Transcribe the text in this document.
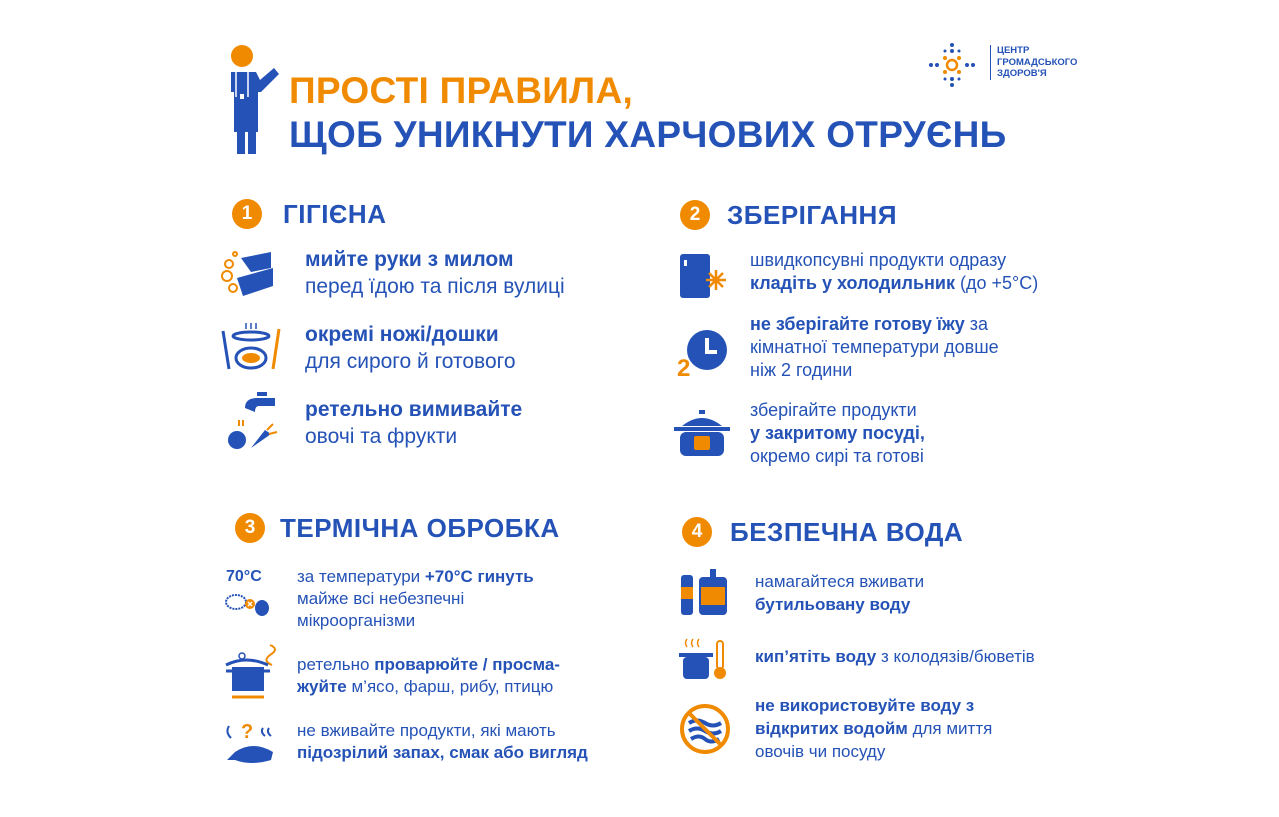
ПРОСТІ ПРАВИЛА,
ЩОБ УНИКНУТИ ХАРЧОВИХ ОТРУЄНЬ
ЦЕНТР
ГРОМАДСЬКОГО
ЗДОРОВ'Я
1	ГІГІЄНА
мийте руки з милом
перед їдою та після вулиці
окремі ножі/дошки
для сирого й готового
ретельно вимивайте
овочі та фрукти
2	ЗБЕРІГАННЯ
швидкопсувні продукти одразу
кладіть у холодильник (до +5°С)
не зберігайте готову їжу за
кімнатної температури довше
ніж 2 години
зберігайте продукти
у закритому посуді,
окремо сирі та готові
2
3 ТЕРМІЧНА ОБРОБКА
за температури +70°С гинуть
майже всі небезпечні
мікроорганізми
ретельно проварюйте / просма-
жуйте м’ясо, фарш, рибу, птицю
не вживайте продукти, які мають
підозрілий запах, смак або вигляд
70°C
?
4	БЕЗПЕЧНА ВОДА
намагайтеся вживати
бутильовану воду
кип’ятіть воду з колодязів/бюветів
не використовуйте воду з
відкритих водойм для миття
овочів чи посуду
